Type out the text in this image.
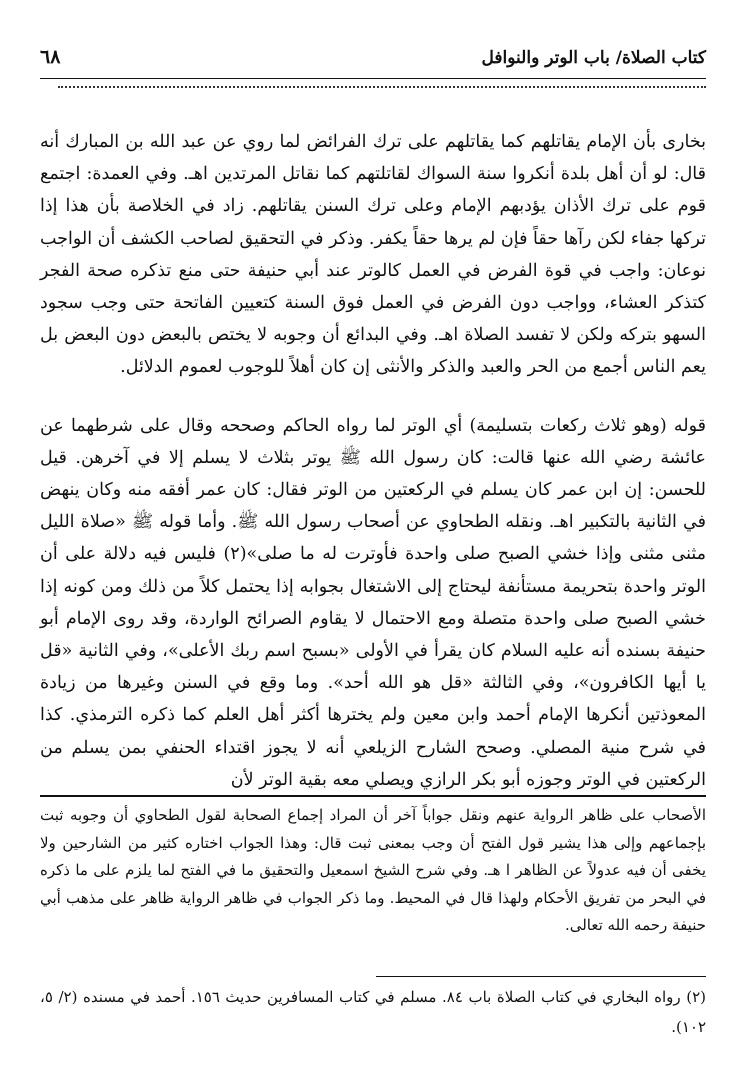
كتاب الصلاة/ باب الوتر والنوافل
٦٨

بخارى بأن الإمام يقاتلهم كما يقاتلهم على ترك الفرائض لما روي عن عبد الله بن المبارك أنه قال: لو أن أهل بلدة أنكروا سنة السواك لقاتلتهم كما نقاتل المرتدين اهـ. وفي العمدة: اجتمع قوم على ترك الأذان يؤدبهم الإمام وعلى ترك السنن يقاتلهم. زاد في الخلاصة بأن هذا إذا تركها جفاء لكن رآها حقاً فإن لم يرها حقاً يكفر. وذكر في التحقيق لصاحب الكشف أن الواجب نوعان: واجب في قوة الفرض في العمل كالوتر عند أبي حنيفة حتى منع تذكره صحة الفجر كتذكر العشاء، وواجب دون الفرض في العمل فوق السنة كتعيين الفاتحة حتى وجب سجود السهو بتركه ولكن لا تفسد الصلاة اهـ. وفي البدائع أن وجوبه لا يختص بالبعض دون البعض بل يعم الناس أجمع من الحر والعبد والذكر والأنثى إن كان أهلاً للوجوب لعموم الدلائل.

قوله (وهو ثلاث ركعات بتسليمة) أي الوتر لما رواه الحاكم وصححه وقال على شرطهما عن عائشة رضي الله عنها قالت: كان رسول الله ﷺ يوتر بثلاث لا يسلم إلا في آخرهن. قيل للحسن: إن ابن عمر كان يسلم في الركعتين من الوتر فقال: كان عمر أفقه منه وكان ينهض في الثانية بالتكبير اهـ. ونقله الطحاوي عن أصحاب رسول الله ﷺ. وأما قوله ﷺ «صلاة الليل مثنى مثنى وإذا خشي الصبح صلى واحدة فأوترت له ما صلى»(٢) فليس فيه دلالة على أن الوتر واحدة بتحريمة مستأنفة ليحتاج إلى الاشتغال بجوابه إذا يحتمل كلاً من ذلك ومن كونه إذا خشي الصبح صلى واحدة متصلة ومع الاحتمال لا يقاوم الصرائح الواردة، وقد روى الإمام أبو حنيفة بسنده أنه عليه السلام كان يقرأ في الأولى «بسبح اسم ربك الأعلى»، وفي الثانية «قل يا أيها الكافرون»، وفي الثالثة «قل هو الله أحد». وما وقع في السنن وغيرها من زيادة المعوذتين أنكرها الإمام أحمد وابن معين ولم يخترها أكثر أهل العلم كما ذكره الترمذي. كذا في شرح منية المصلي. وصحح الشارح الزيلعي أنه لا يجوز اقتداء الحنفي بمن يسلم من الركعتين في الوتر وجوزه أبو بكر الرازي ويصلي معه بقية الوتر لأن

الأصحاب على ظاهر الرواية عنهم ونقل جواباً آخر أن المراد إجماع الصحابة لقول الطحاوي أن وجوبه ثبت بإجماعهم وإلى هذا يشير قول الفتح أن وجب بمعنى ثبت قال: وهذا الجواب اختاره كثير من الشارحين ولا يخفى أن فيه عدولاً عن الظاهر ا هـ. وفي شرح الشيخ اسمعيل والتحقيق ما في الفتح لما يلزم على ما ذكره في البحر من تفريق الأحكام ولهذا قال في المحيط. وما ذكر الجواب في ظاهر الرواية ظاهر على مذهب أبي حنيفة رحمه الله تعالى.

(٢) رواه البخاري في كتاب الصلاة باب ٨٤. مسلم في كتاب المسافرين حديث ١٥٦. أحمد في مسنده (٢/ ٥، ١٠٢).
